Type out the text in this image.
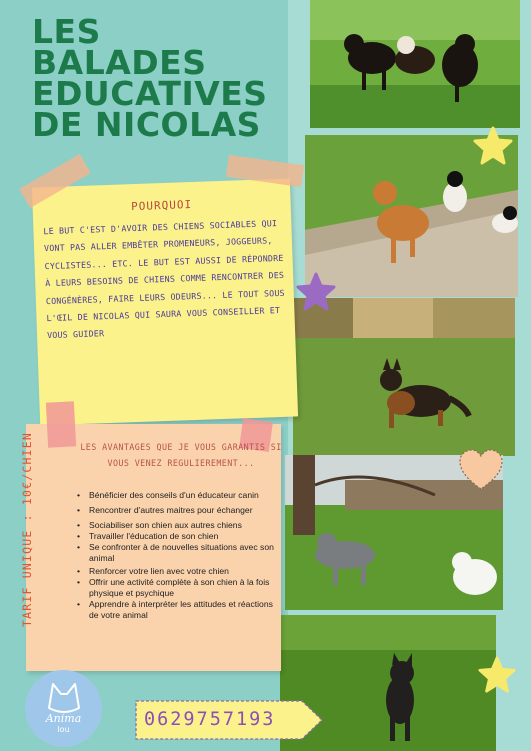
LES
BALADES
EDUCATIVES
DE NICOLAS
POURQUOI

LE BUT C'EST D'AVOIR DES CHIENS SOCIABLES QUI VONT PAS ALLER EMBÊTER PROMENEURS, JOGGEURS, CYCLISTES... ETC. LE BUT EST AUSSI DE RÉPONDRE À LEURS BESOINS DE CHIENS COMME RENCONTRER DES CONGÉNÈRES, FAIRE LEURS ODEURS... LE TOUT SOUS L'ŒIL DE NICOLAS QUI SAURA VOUS CONSEILLER ET VOUS GUIDER

TARIF UNIQUE : 10€/CHIEN	LES AVANTAGES QUE JE VOUS GARANTIS SI VOUS VENEZ REGULIEREMENT...
• Bénéficier des conseils d'un éducateur canin
• Rencontrer d'autres maitres pour échanger
• Sociabiliser son chien aux autres chiens
• Travailler l'éducation de son chien
• Se confronter à de nouvelles situations avec son animal
• Renforcer votre lien avec votre chien
• Offrir une activité complète à son chien à la fois physique et psychique
• Apprendre à interpréter les attitudes et réactions de votre animal
Anima
lou	0629757193
